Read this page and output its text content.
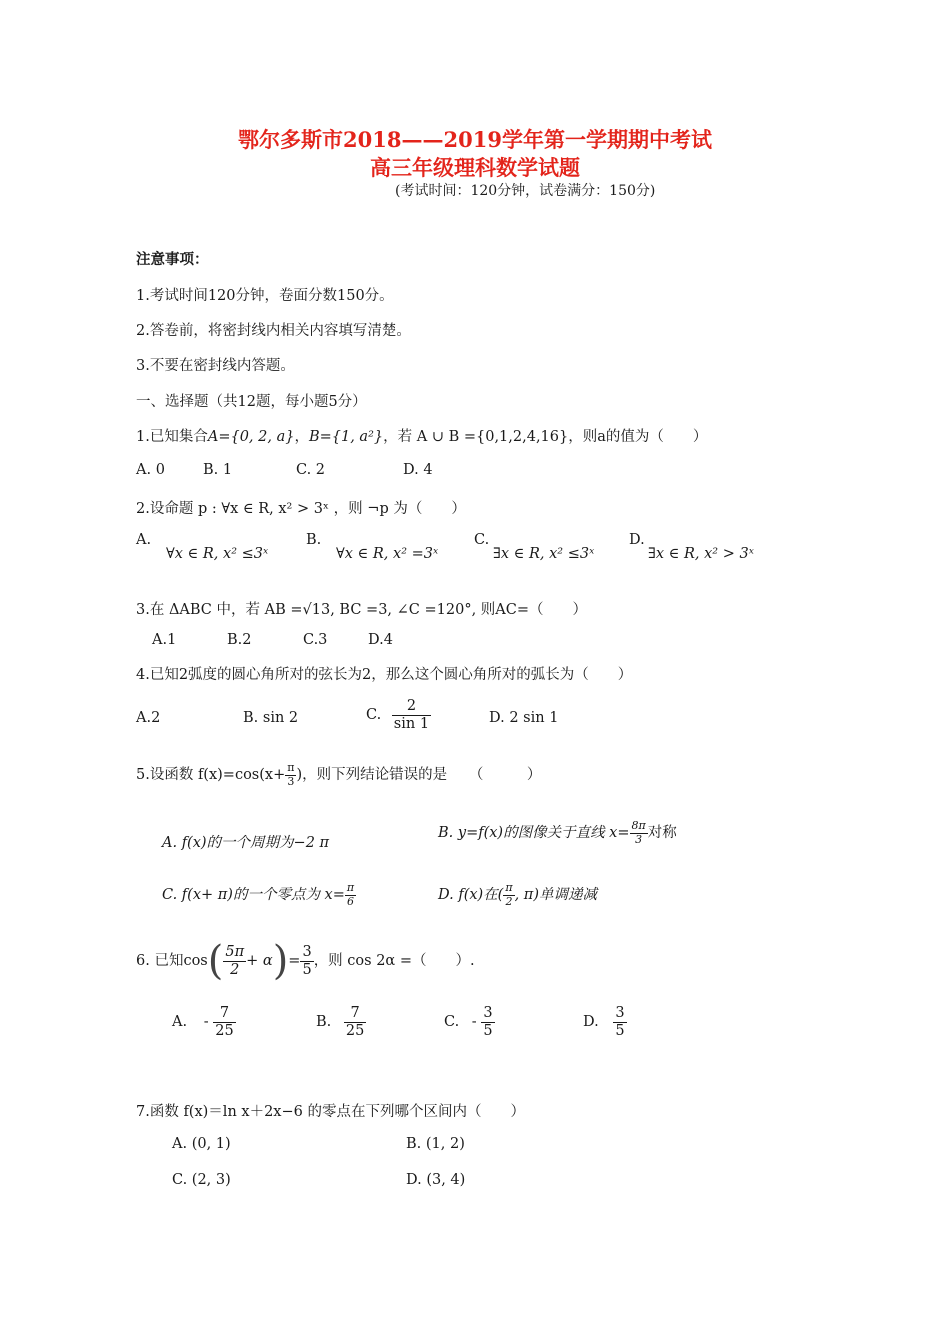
鄂尔多斯市2018——2019学年第一学期期中考试
高三年级理科数学试题
(考试时间：120分钟，试卷满分：150分)
注意事项：
1.考试时间120分钟，卷面分数150分。
2.答卷前，将密封线内相关内容填写清楚。
3.不要在密封线内答题。
一、选择题（共12题，每小题5分）
1.已知集合A={0, 2, a}，B={1, a²}，若 A ∪ B ={0,1,2,4,16}，则a的值为（　　）
A. 0	B. 1	C. 2	D. 4
2.设命题 p : ∀x ∈ R, x² > 3ˣ ，则 ¬p 为（　　）
A.
∀x ∈ R, x² ≤3ˣ
B.
∀x ∈ R, x² =3ˣ
C.
∃x ∈ R, x² ≤3ˣ
D.
∃x ∈ R, x² > 3ˣ
3.在 ΔABC 中，若 AB =√13, BC =3, ∠C =120°, 则AC=（　　）
A.1	B.2	C.3	D.4
4.已知2弧度的圆心角所对的弦长为2，那么这个圆心角所对的弧长为（　　）
A.2	B. sin 2	C. $\frac{2}{\sin 1}$	D. 2 sin 1
5.设函数 $f(x)=\cos(x+ \frac{\pi}{3}$ )，则下列结论错误的是　　（　　　）
A. f(x)的一个周期为−2 π
B. y=f(x)的图像关于直线 $x= \frac{8\pi}{3}$ 对称
C. f(x+ π)的一个零点为 $x= \frac{\pi}{6}$	D. f(x)在( $\frac{\pi}{2}$ , π)单调递减
6. 已知$\cos( \frac{5\pi}{2} + \alpha)= \frac{3}{5}$ ，则 cos 2α =（　　）.
A. - $\frac{7}{25}$	B. $\frac{7}{25}$	C. - $\frac{3}{5}$	D. $\frac{3}{5}$
7.函数 f(x)＝ln x＋2x−6 的零点在下列哪个区间内（　　）
A. (0, 1)	B. (1, 2)
C. (2, 3)	D. (3, 4)
